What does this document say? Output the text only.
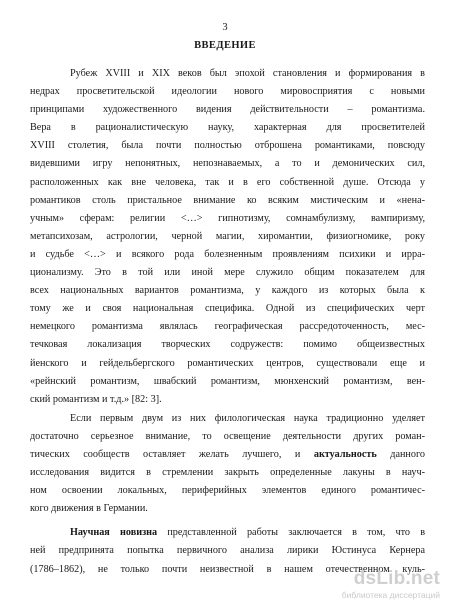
3
ВВЕДЕНИЕ
Рубеж XVIII и XIX веков был эпохой становления и формирования в
недрах просветительской идеологии нового мировосприятия с новыми
принципами художественного видения действительности – романтизма.
Вера в рационалистическую науку, характерная для просветителей
XVIII столетия, была почти полностью отброшена романтиками, повсюду
видевшими игру непонятных, непознаваемых, а то и демонических сил,
расположенных как вне человека, так и в его собственной душе. Отсюда у
романтиков столь пристальное внимание ко всяким мистическим и «нена-
учным» сферам: религии <…> гипнотизму, сомнамбулизму, вампиризму,
метапсихозам, астрологии, черной магии, хиромантии, физиогномике, року
и судьбе <…> и всякого рода болезненным проявлениям психики и ирра-
ционализму. Это в той или иной мере служило общим показателем для
всех национальных вариантов романтизма, у каждого из которых была к
тому же и своя национальная специфика. Одной из специфических черт
немецкого романтизма являлась географическая рассредоточенность, мес-
течковая локализация творческих содружеств: помимо общеизвестных
йенского и гейдельбергского романтических центров, существовали еще и
«рейнский романтизм, швабский романтизм, мюнхенский романтизм, вен-
ский романтизм и т.д.» [82: 3].
Если первым двум из них филологическая наука традиционно уделяет
достаточно серьезное внимание, то освещение деятельности других роман-
тических сообществ оставляет желать лучшего, и актуальность данного
исследования видится в стремлении закрыть определенные лакуны в науч-
ном освоении локальных, периферийных элементов единого романтичес-
кого движения в Германии.
Научная новизна представленной работы заключается в том, что в
ней предпринята попытка первичного анализа лирики Юстинуса Кернера
(1786–1862), не только почти неизвестной в нашем отечественном куль-
dsLib.net
библиотека диссертаций
